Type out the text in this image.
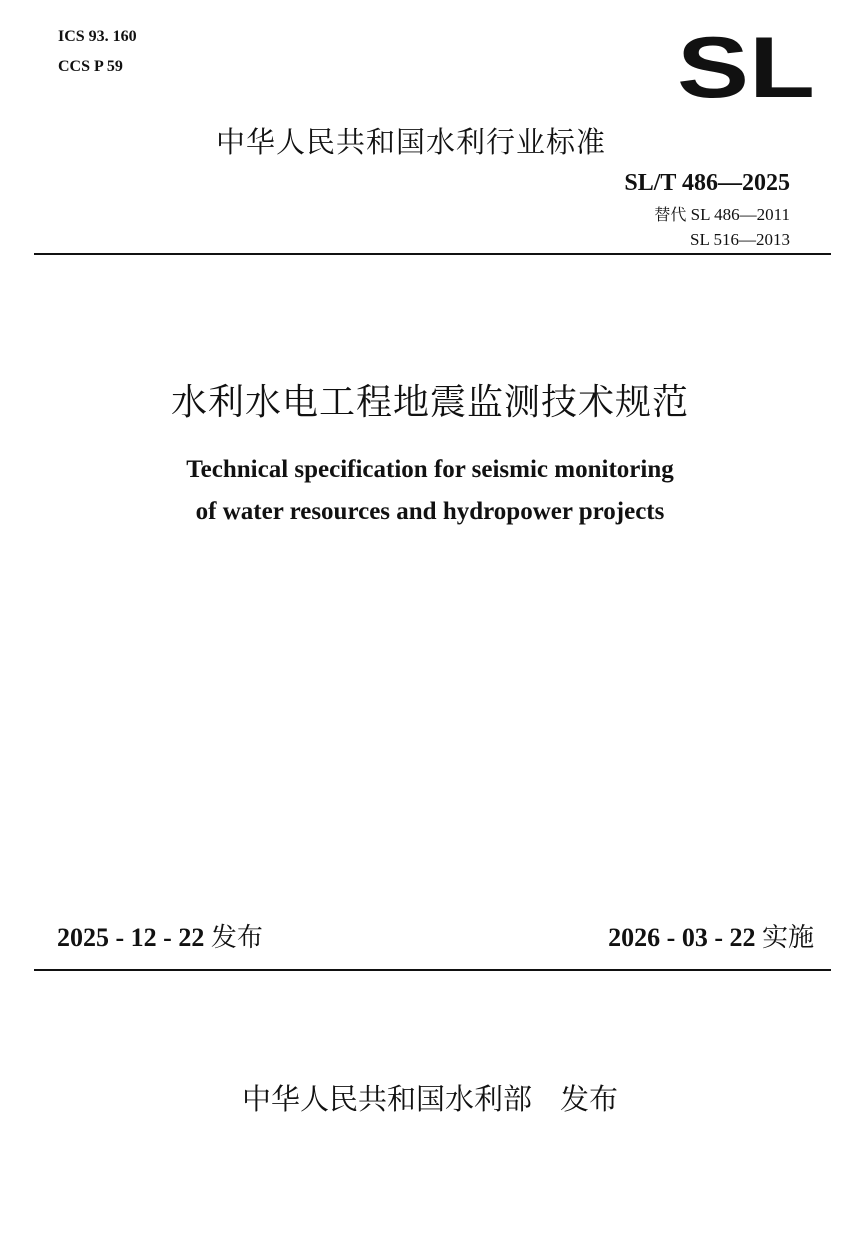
ICS 93. 160
CCS P 59	SL
中华人民共和国水利行业标准
SL/T 486—2025
替代 SL 486—2011
SL 516—2013
水利水电工程地震监测技术规范
Technical specification for seismic monitoring
of water resources and hydropower projects
2025 - 12 - 22 发布	2026 - 03 - 22 实施
中华人民共和国水利部 发布
